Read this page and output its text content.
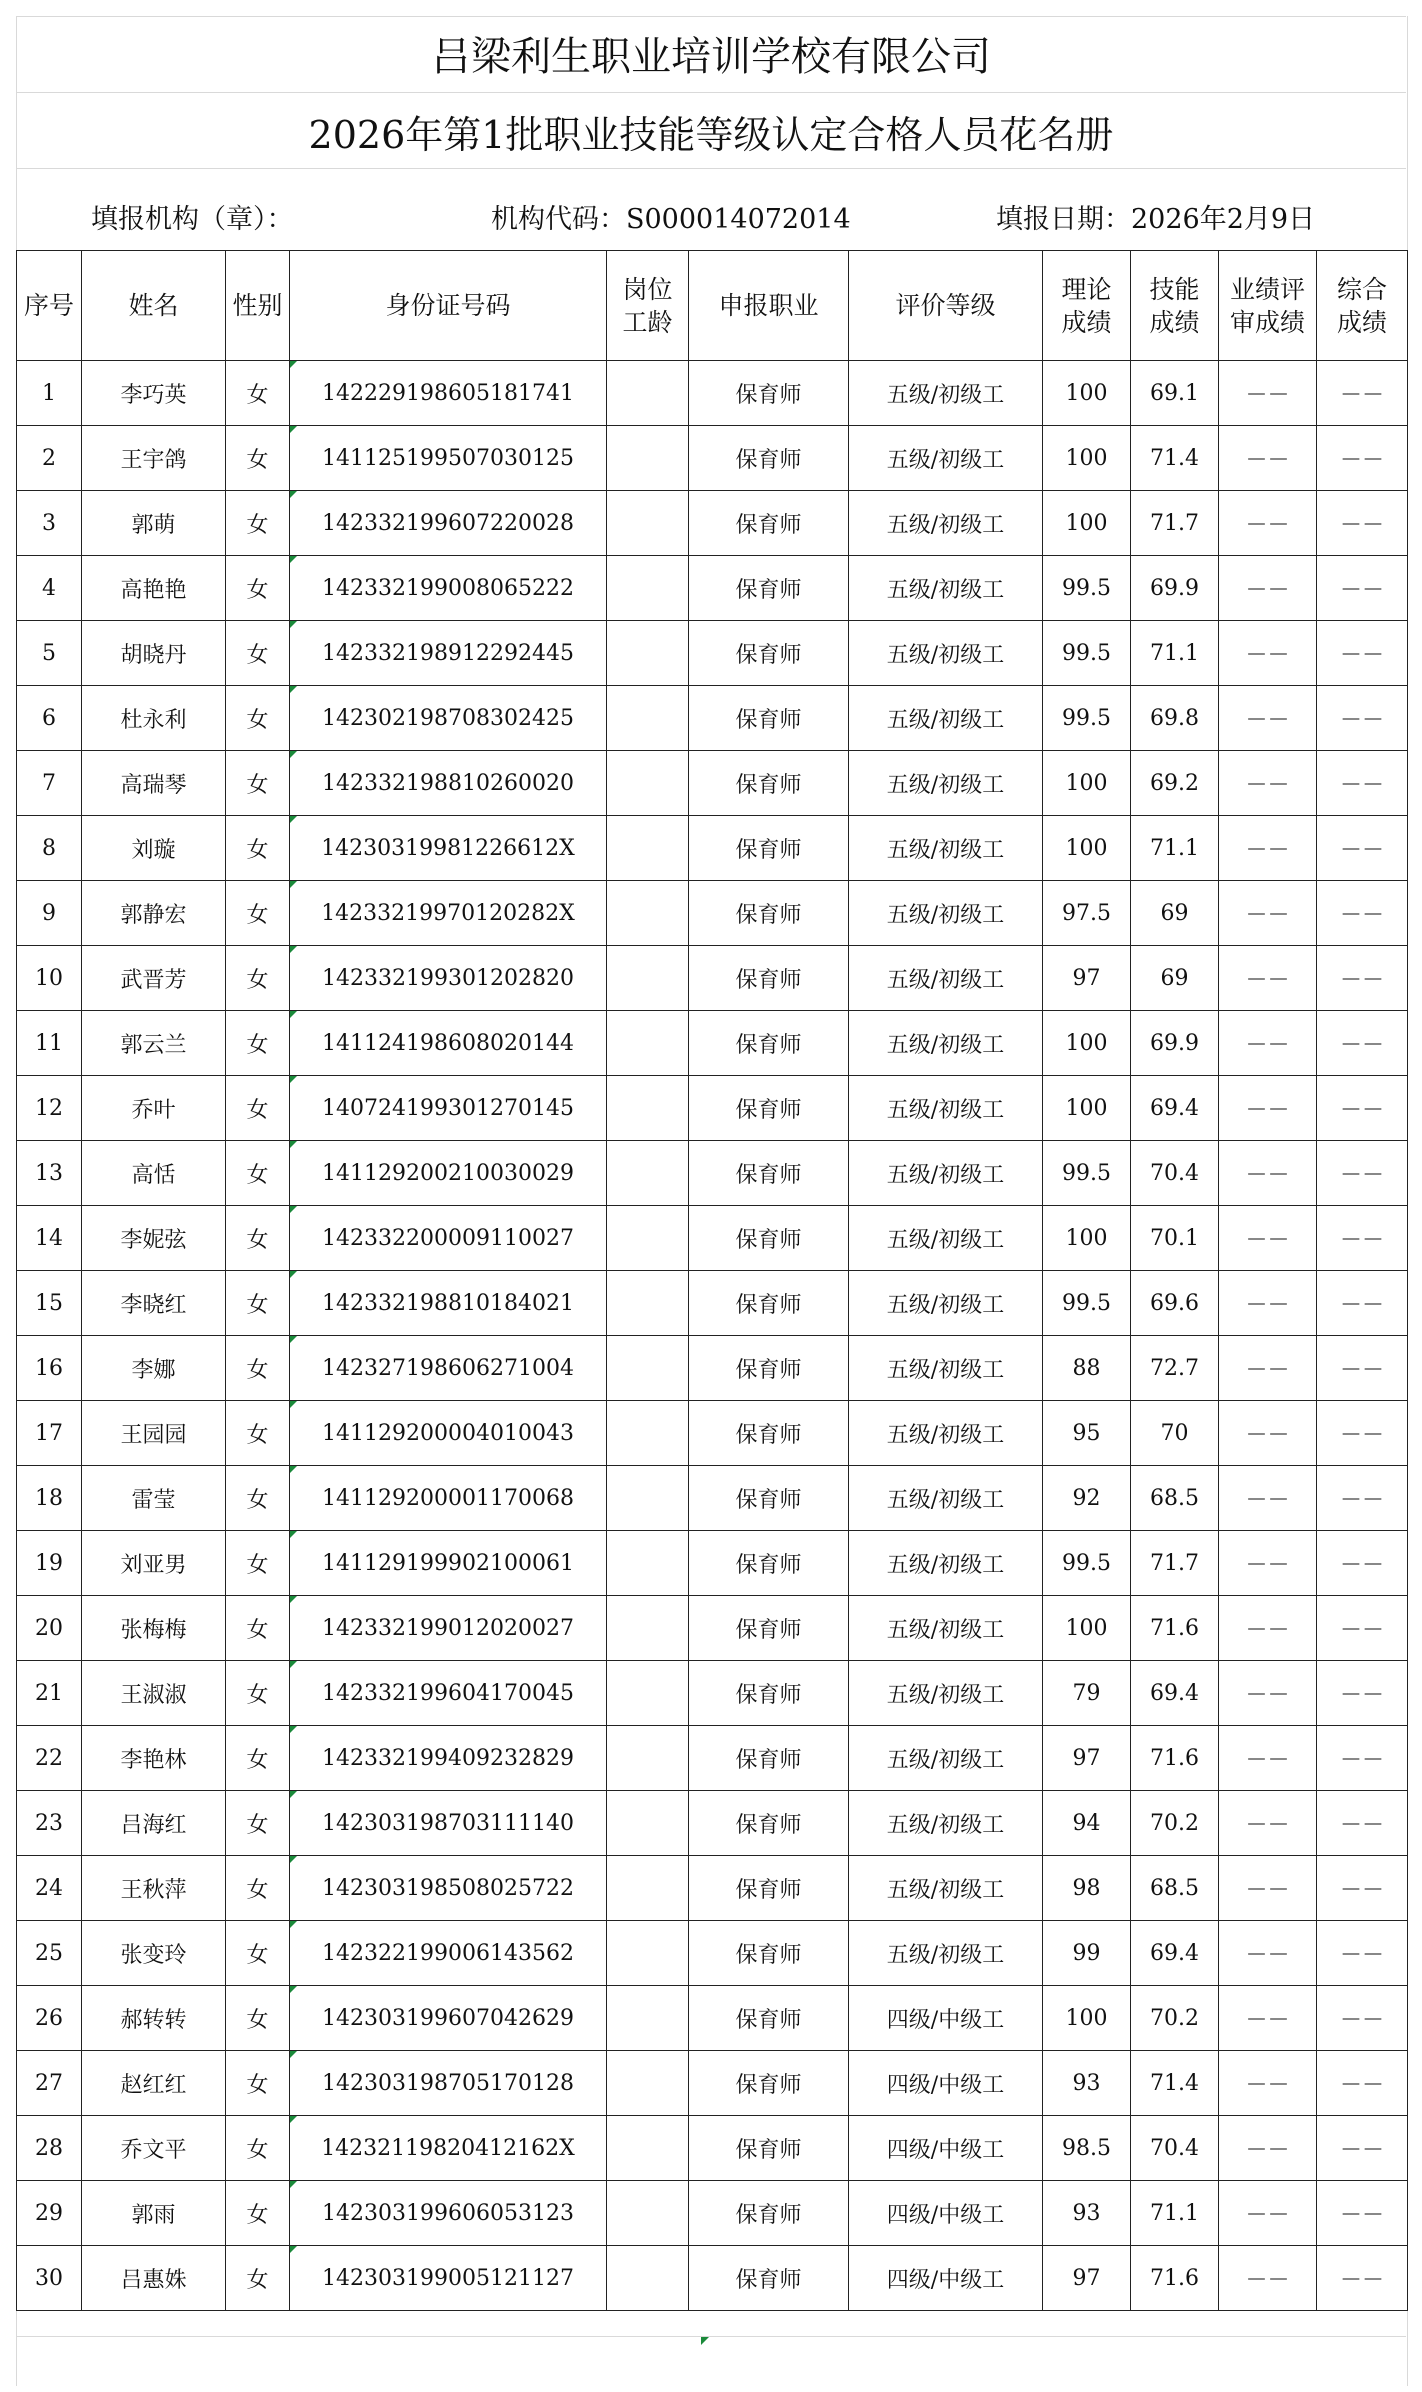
吕梁利生职业培训学校有限公司
2026年第1批职业技能等级认定合格人员花名册
填报机构（章）：	机构代码：S000014072014	填报日期：2026年2月9日
序号	姓名	性别	身份证号码	岗位工龄	申报职业	评价等级	理论成绩	技能成绩	业绩评审成绩	综合成绩
1	李巧英	女	142229198605181741		保育师	五级/初级工	100	69.1	－－	－－
2	王宇鸽	女	141125199507030125		保育师	五级/初级工	100	71.4	－－	－－
3	郭萌	女	142332199607220028		保育师	五级/初级工	100	71.7	－－	－－
4	高艳艳	女	142332199008065222		保育师	五级/初级工	99.5	69.9	－－	－－
5	胡晓丹	女	142332198912292445		保育师	五级/初级工	99.5	71.1	－－	－－
6	杜永利	女	142302198708302425		保育师	五级/初级工	99.5	69.8	－－	－－
7	高瑞琴	女	142332198810260020		保育师	五级/初级工	100	69.2	－－	－－
8	刘璇	女	14230319981226612X		保育师	五级/初级工	100	71.1	－－	－－
9	郭静宏	女	14233219970120282X		保育师	五级/初级工	97.5	69	－－	－－
10	武晋芳	女	142332199301202820		保育师	五级/初级工	97	69	－－	－－
11	郭云兰	女	141124198608020144		保育师	五级/初级工	100	69.9	－－	－－
12	乔叶	女	140724199301270145		保育师	五级/初级工	100	69.4	－－	－－
13	高恬	女	141129200210030029		保育师	五级/初级工	99.5	70.4	－－	－－
14	李妮弦	女	142332200009110027		保育师	五级/初级工	100	70.1	－－	－－
15	李晓红	女	142332198810184021		保育师	五级/初级工	99.5	69.6	－－	－－
16	李娜	女	142327198606271004		保育师	五级/初级工	88	72.7	－－	－－
17	王园园	女	141129200004010043		保育师	五级/初级工	95	70	－－	－－
18	雷莹	女	141129200001170068		保育师	五级/初级工	92	68.5	－－	－－
19	刘亚男	女	141129199902100061		保育师	五级/初级工	99.5	71.7	－－	－－
20	张梅梅	女	142332199012020027		保育师	五级/初级工	100	71.6	－－	－－
21	王淑淑	女	142332199604170045		保育师	五级/初级工	79	69.4	－－	－－
22	李艳林	女	142332199409232829		保育师	五级/初级工	97	71.6	－－	－－
23	吕海红	女	142303198703111140		保育师	五级/初级工	94	70.2	－－	－－
24	王秋萍	女	142303198508025722		保育师	五级/初级工	98	68.5	－－	－－
25	张变玲	女	142322199006143562		保育师	五级/初级工	99	69.4	－－	－－
26	郝转转	女	142303199607042629		保育师	四级/中级工	100	70.2	－－	－－
27	赵红红	女	142303198705170128		保育师	四级/中级工	93	71.4	－－	－－
28	乔文平	女	14232119820412162X		保育师	四级/中级工	98.5	70.4	－－	－－
29	郭雨	女	142303199606053123		保育师	四级/中级工	93	71.1	－－	－－
30	吕惠姝	女	142303199005121127		保育师	四级/中级工	97	71.6	－－	－－
